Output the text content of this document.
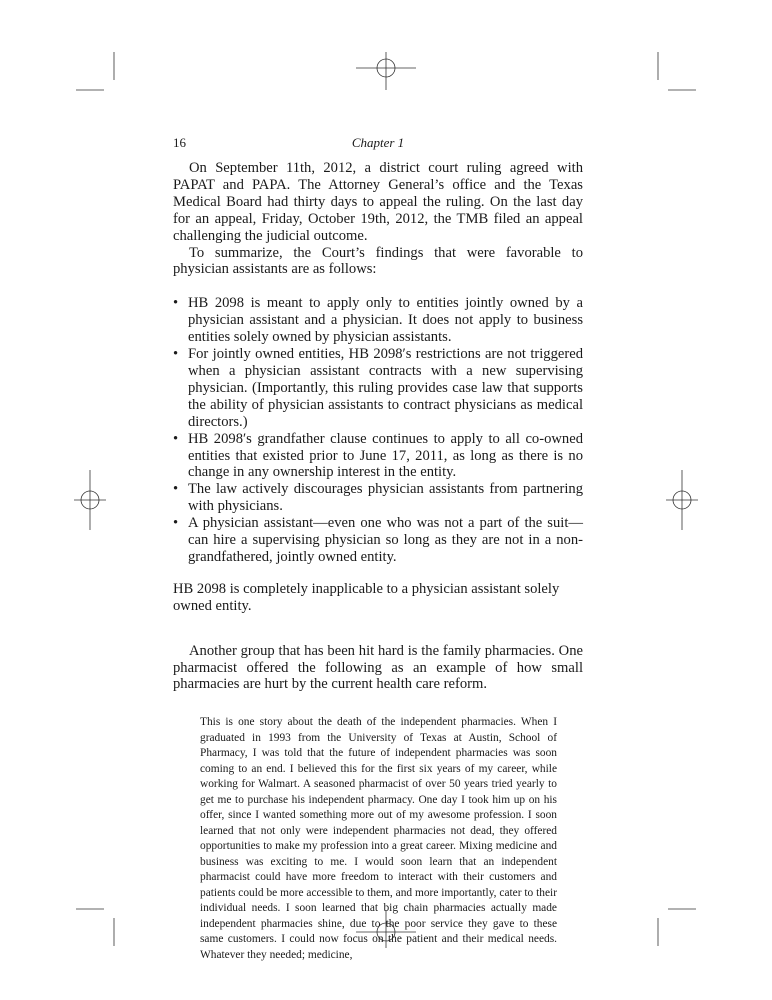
16	Chapter 1

On September 11th, 2012, a district court ruling agreed with PAPAT and PAPA. The Attorney General’s office and the Texas Medical Board had thirty days to appeal the ruling. On the last day for an appeal, Friday, October 19th, 2012, the TMB filed an appeal challenging the judicial outcome.

To summarize, the Court’s findings that were favorable to physician assistants are as follows:

• HB 2098 is meant to apply only to entities jointly owned by a physician assistant and a physician. It does not apply to business entities solely owned by physician assistants.
• For jointly owned entities, HB 2098′s restrictions are not triggered when a physician assistant contracts with a new supervising physician. (Importantly, this ruling provides case law that supports the ability of physician assistants to contract physicians as medical directors.)
• HB 2098′s grandfather clause continues to apply to all co-owned entities that existed prior to June 17, 2011, as long as there is no change in any ownership interest in the entity.
• The law actively discourages physician assistants from partnering with physicians.
• A physician assistant—even one who was not a part of the suit— can hire a supervising physician so long as they are not in a non-grandfathered, jointly owned entity.

HB 2098 is completely inapplicable to a physician assistant solely owned entity.

Another group that has been hit hard is the family pharmacies. One pharmacist offered the following as an example of how small pharmacies are hurt by the current health care reform.

This is one story about the death of the independent pharmacies. When I graduated in 1993 from the University of Texas at Austin, School of Pharmacy, I was told that the future of independent pharmacies was soon coming to an end. I believed this for the first six years of my career, while working for Walmart. A seasoned pharmacist of over 50 years tried yearly to get me to purchase his independent pharmacy. One day I took him up on his offer, since I wanted something more out of my awesome profession. I soon learned that not only were independent pharmacies not dead, they offered opportunities to make my profession into a great career. Mixing medicine and business was exciting to me. I would soon learn that an independent pharmacist could have more freedom to interact with their customers and patients could be more accessible to them, and more importantly, cater to their individual needs. I soon learned that big chain pharmacies actually made independent pharmacies shine, due to the poor service they gave to these same customers. I could now focus on the patient and their medical needs. Whatever they needed; medicine,
